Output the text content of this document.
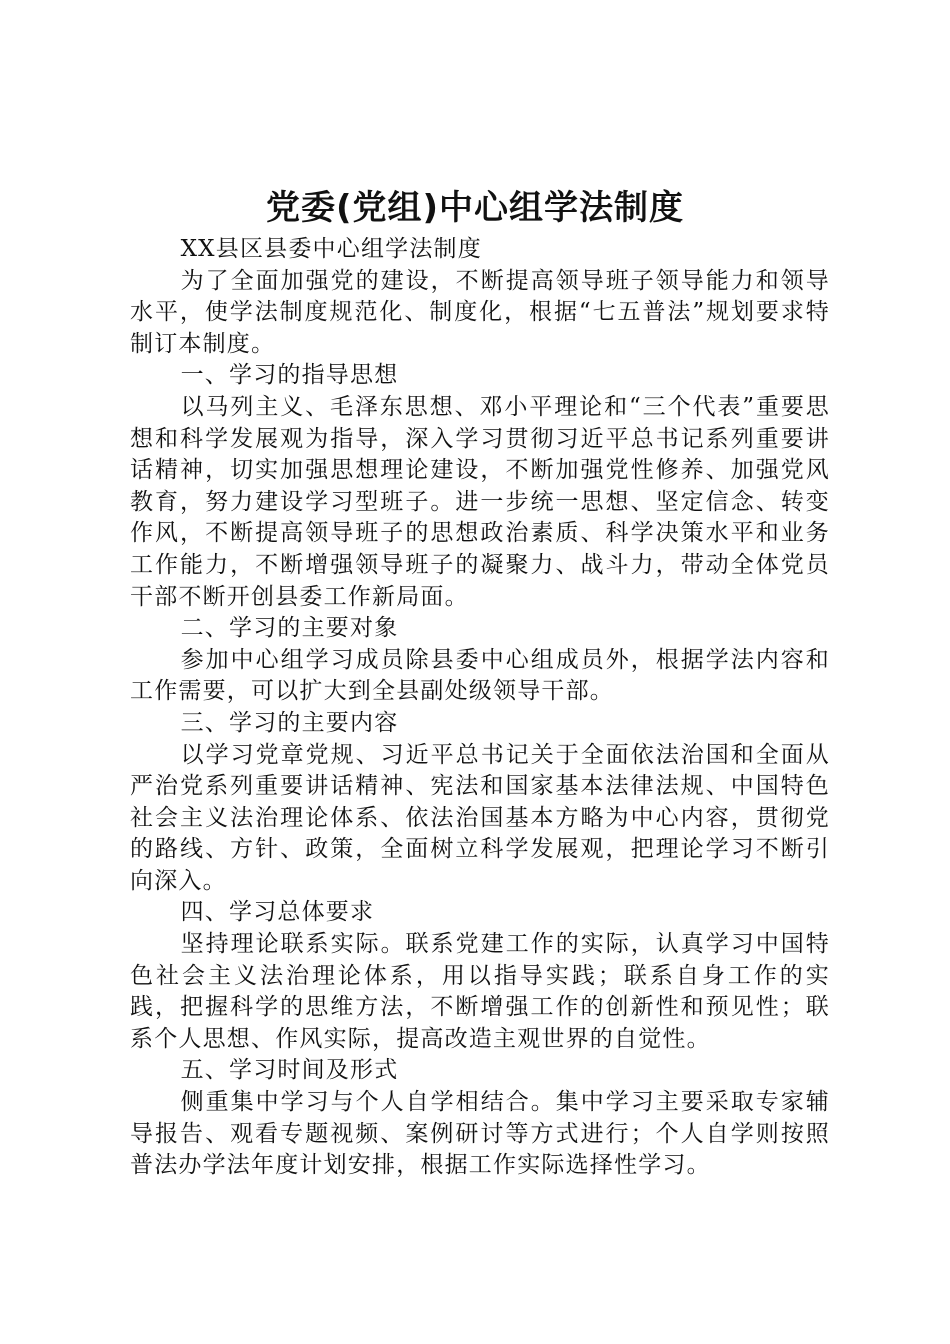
党委(党组)中心组学法制度

XX县区县委中心组学法制度

为了全面加强党的建设，不断提高领导班子领导能力和领导水平，使学法制度规范化、制度化，根据“七五普法”规划要求特制订本制度。

一、学习的指导思想

以马列主义、毛泽东思想、邓小平理论和“三个代表”重要思想和科学发展观为指导，深入学习贯彻习近平总书记系列重要讲话精神，切实加强思想理论建设，不断加强党性修养、加强党风教育，努力建设学习型班子。进一步统一思想、坚定信念、转变作风，不断提高领导班子的思想政治素质、科学决策水平和业务工作能力，不断增强领导班子的凝聚力、战斗力，带动全体党员干部不断开创县委工作新局面。

二、学习的主要对象

参加中心组学习成员除县委中心组成员外，根据学法内容和工作需要，可以扩大到全县副处级领导干部。

三、学习的主要内容

以学习党章党规、习近平总书记关于全面依法治国和全面从严治党系列重要讲话精神、宪法和国家基本法律法规、中国特色社会主义法治理论体系、依法治国基本方略为中心内容，贯彻党的路线、方针、政策，全面树立科学发展观，把理论学习不断引向深入。

四、学习总体要求

坚持理论联系实际。联系党建工作的实际，认真学习中国特色社会主义法治理论体系，用以指导实践；联系自身工作的实践，把握科学的思维方法，不断增强工作的创新性和预见性；联系个人思想、作风实际，提高改造主观世界的自觉性。

五、学习时间及形式

侧重集中学习与个人自学相结合。集中学习主要采取专家辅导报告、观看专题视频、案例研讨等方式进行；个人自学则按照普法办学法年度计划安排，根据工作实际选择性学习。
